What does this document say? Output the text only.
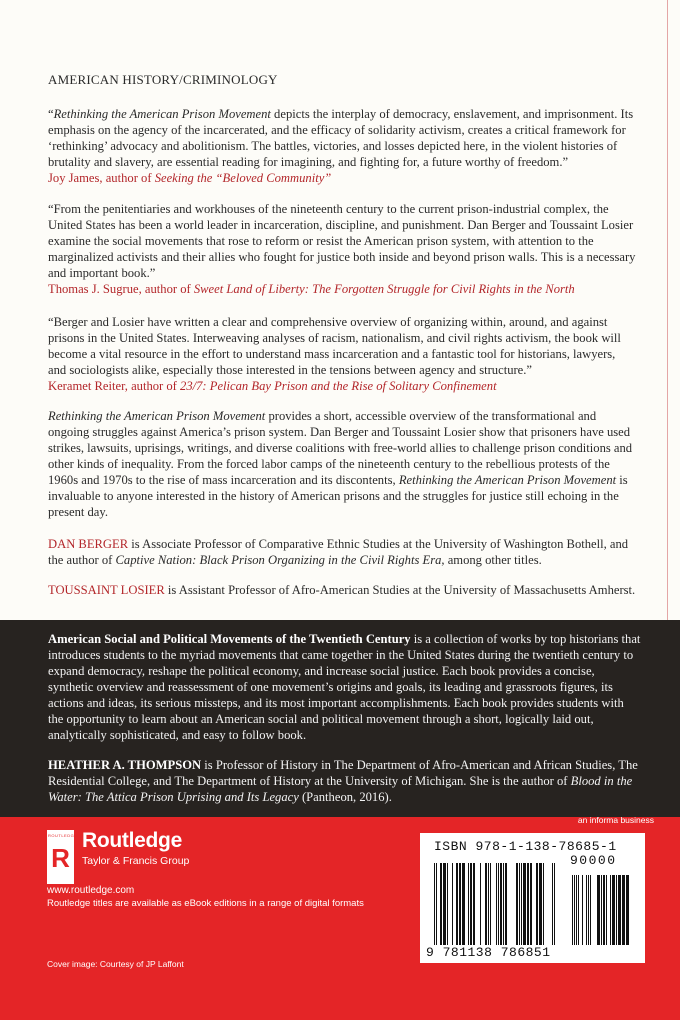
AMERICAN HISTORY/CRIMINOLOGY
“Rethinking the American Prison Movement depicts the interplay of democracy, enslavement, and imprisonment. Its emphasis on the agency of the incarcerated, and the efficacy of solidarity activism, creates a critical framework for ‘rethinking’ advocacy and abolitionism. The battles, victories, and losses depicted here, in the violent histories of brutality and slavery, are essential reading for imagining, and fighting for, a future worthy of freedom.”
Joy James, author of Seeking the “Beloved Community”
“From the penitentiaries and workhouses of the nineteenth century to the current prison-industrial complex, the United States has been a world leader in incarceration, discipline, and punishment. Dan Berger and Toussaint Losier examine the social movements that rose to reform or resist the American prison system, with attention to the marginalized activists and their allies who fought for justice both inside and beyond prison walls. This is a necessary and important book.”
Thomas J. Sugrue, author of Sweet Land of Liberty: The Forgotten Struggle for Civil Rights in the North
“Berger and Losier have written a clear and comprehensive overview of organizing within, around, and against prisons in the United States. Interweaving analyses of racism, nationalism, and civil rights activism, the book will become a vital resource in the effort to understand mass incarceration and a fantastic tool for historians, lawyers, and sociologists alike, especially those interested in the tensions between agency and structure.”
Keramet Reiter, author of 23/7: Pelican Bay Prison and the Rise of Solitary Confinement
Rethinking the American Prison Movement provides a short, accessible overview of the transformational and ongoing struggles against America’s prison system. Dan Berger and Toussaint Losier show that prisoners have used strikes, lawsuits, uprisings, writings, and diverse coalitions with free-world allies to challenge prison conditions and other kinds of inequality. From the forced labor camps of the nineteenth century to the rebellious protests of the 1960s and 1970s to the rise of mass incarceration and its discontents, Rethinking the American Prison Movement is invaluable to anyone interested in the history of American prisons and the struggles for justice still echoing in the present day.
DAN BERGER is Associate Professor of Comparative Ethnic Studies at the University of Washington Bothell, and the author of Captive Nation: Black Prison Organizing in the Civil Rights Era, among other titles.
TOUSSAINT LOSIER is Assistant Professor of Afro-American Studies at the University of Massachusetts Amherst.
American Social and Political Movements of the Twentieth Century is a collection of works by top historians that introduces students to the myriad movements that came together in the United States during the twentieth century to expand democracy, reshape the political economy, and increase social justice. Each book provides a concise, synthetic overview and reassessment of one movement’s origins and goals, its leading and grassroots figures, its actions and ideas, its serious missteps, and its most important accomplishments. Each book provides students with the opportunity to learn about an American social and political movement through a short, logically laid out, analytically sophisticated, and easy to follow book.
HEATHER A. THOMPSON is Professor of History in The Department of Afro-American and African Studies, The Residential College, and The Department of History at the University of Michigan. She is the author of Blood in the Water: The Attica Prison Uprising and Its Legacy (Pantheon, 2016).
an informa business
ROUTLEDGE
R
Routledge
Taylor & Francis Group
www.routledge.com
Routledge titles are available as eBook editions in a range of digital formats
Cover image: Courtesy of JP Laffont
ISBN 978-1-138-78685-1
90000
9 781138 786851
